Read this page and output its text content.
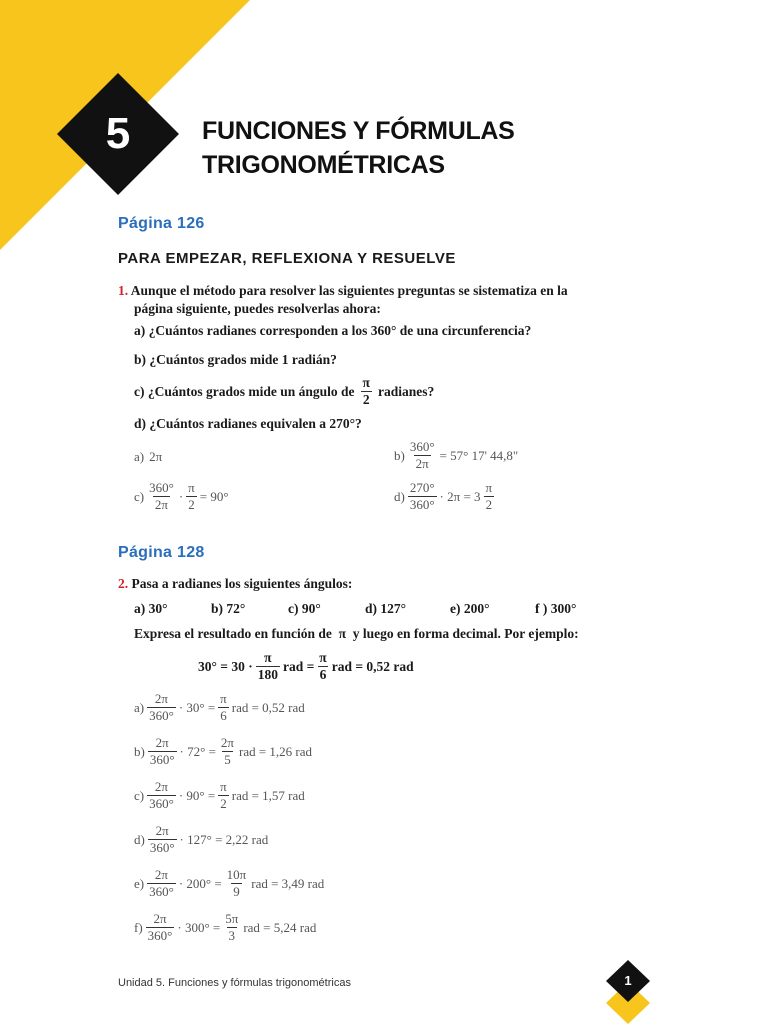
5	FUNCIONES Y FÓRMULAS
TRIGONOMÉTRICAS
Página 126
PARA EMPEZAR, REFLEXIONA Y RESUELVE
1. Aunque el método para resolver las siguientes preguntas se sistematiza en la
página siguiente, puedes resolverlas ahora:
a) ¿Cuántos radianes corresponden a los 360° de una circunferencia?
b) ¿Cuántos grados mide 1 radián?
c) ¿Cuántos grados mide un ángulo de $\frac{\pi}{2}$ radianes?
d) ¿Cuántos radianes equivalen a 270°?
a) 2π	$b) \frac{360^\circ}{2\pi} = 57^\circ$ 17' 44,8"
$c) \frac{360^\circ}{2\pi} \cdot \frac{\pi}{2} = 90^\circ$	$d) \frac{270^\circ}{360^\circ} \cdot 2\pi = 3 \frac{\pi}{2}$
Página 128
2. Pasa a radianes los siguientes ángulos:
a) 30°	b) 72°	c) 90°	d) 127°	e) 200°	f ) 300°
Expresa el resultado en función de  π  y luego en forma decimal. Por ejemplo:
$30^\circ = 30 \cdot \frac{\pi}{180}$ rad = $\frac{\pi}{6}$ rad = 0,52 rad
$a) \frac{2\pi}{360^\circ} \cdot 30^\circ = \frac{\pi}{6}$ rad = 0,52 rad
$b) \frac{2\pi}{360^\circ} \cdot 72^\circ = \frac{2\pi}{5}$ rad = 1,26 rad
$c) \frac{2\pi}{360^\circ} \cdot 90^\circ = \frac{\pi}{2}$ rad = 1,57 rad
$d) \frac{2\pi}{360^\circ} \cdot 127^\circ = 2,22$ rad
$e) \frac{2\pi}{360^\circ} \cdot 200^\circ = \frac{10\pi}{9}$ rad = 3,49 rad
$f) \frac{2\pi}{360^\circ} \cdot 300^\circ = \frac{5\pi}{3}$ rad = 5,24 rad
Unidad 5. Funciones y fórmulas trigonométricas	1
